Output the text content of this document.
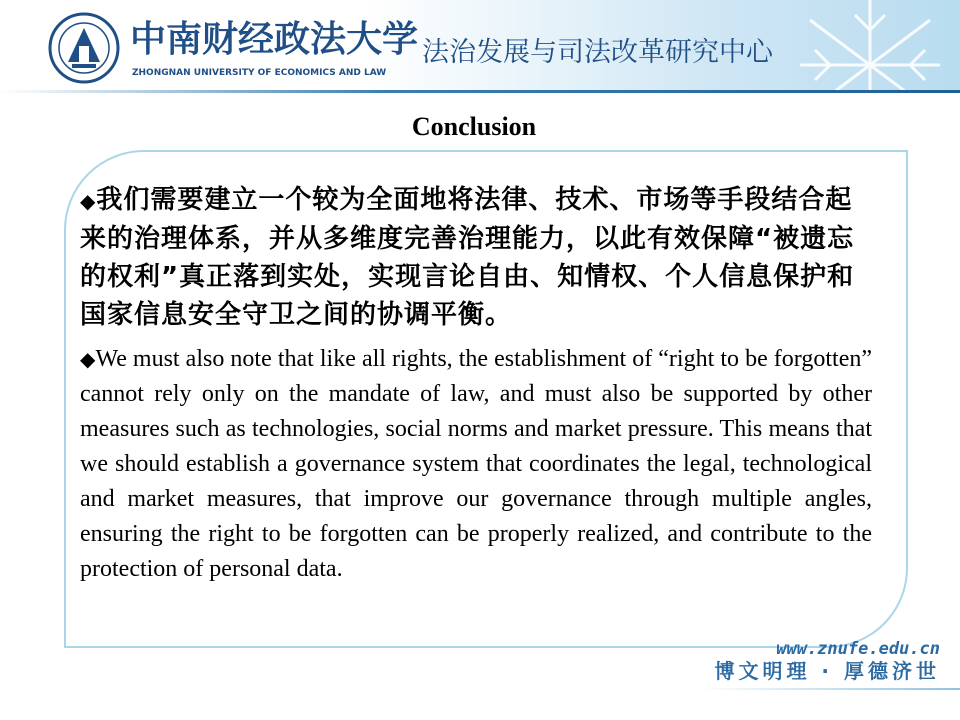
中南财经政法大学
ZHONGNAN UNIVERSITY OF ECONOMICS AND LAW
法治发展与司法改革研究中心
Conclusion

◆我们需要建立一个较为全面地将法律、技术、市场等手段结合起来的治理体系，并从多维度完善治理能力，以此有效保障“被遗忘的权利”真正落到实处，实现言论自由、知情权、个人信息保护和国家信息安全守卫之间的协调平衡。

◆We must also note that like all rights, the establishment of “right to be forgotten” cannot rely only on the mandate of law, and must also be supported by other measures such as technologies, social norms and market pressure. This means that we should establish a governance system that coordinates the legal, technological and market measures, that improve our governance through multiple angles, ensuring the right to be forgotten can be properly realized, and contribute to the protection of personal data.

www.znufe.edu.cn
博文明理 · 厚德济世
